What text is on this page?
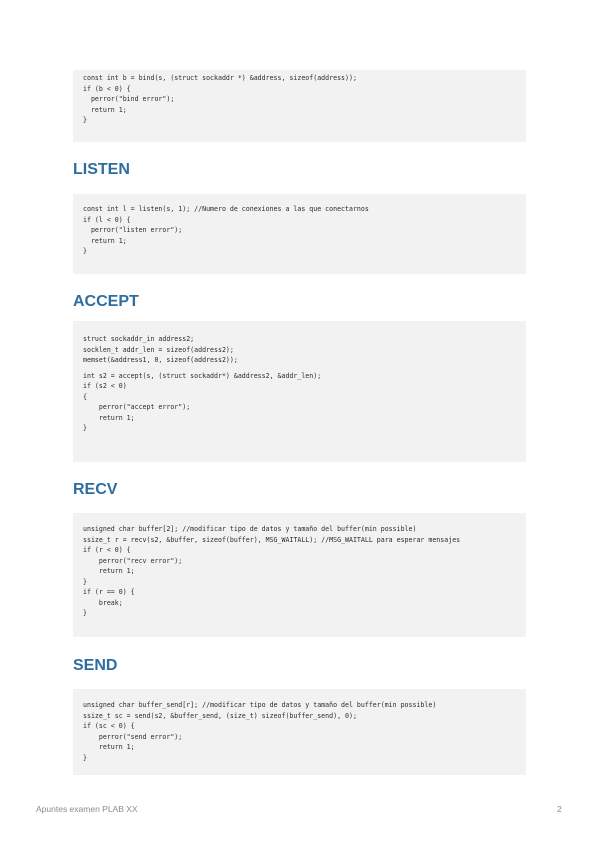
const int b = bind(s, (struct sockaddr *) &address, sizeof(address));
if (b < 0) {
perror("bind error");
return 1;
}
LISTEN
const int l = listen(s, 1); //Numero de conexiones a las que conectarnos
if (l < 0) {
perror("listen error");
return 1;
}
ACCEPT
struct sockaddr_in address2;
socklen_t addr_len = sizeof(address2);
memset(&address1, 0, sizeof(address2));
int s2 = accept(s, (struct sockaddr*) &address2, &addr_len);
if (s2 < 0)
{
perror("accept error");
return 1;
}
RECV
unsigned char buffer[2]; //modificar tipo de datos y tamaño del buffer(min possible)
ssize_t r = recv(s2, &buffer, sizeof(buffer), MSG_WAITALL); //MSG_WAITALL para esperar mensajes
if (r < 0) {
perror("recv error");
return 1;
}
if (r == 0) {
break;
}
SEND
unsigned char buffer_send[r]; //modificar tipo de datos y tamaño del buffer(min possible)
ssize_t sc = send(s2, &buffer_send, (size_t) sizeof(buffer_send), 0);
if (sc < 0) {
perror("send error");
return 1;
}
Apuntes examen PLAB XX	2
